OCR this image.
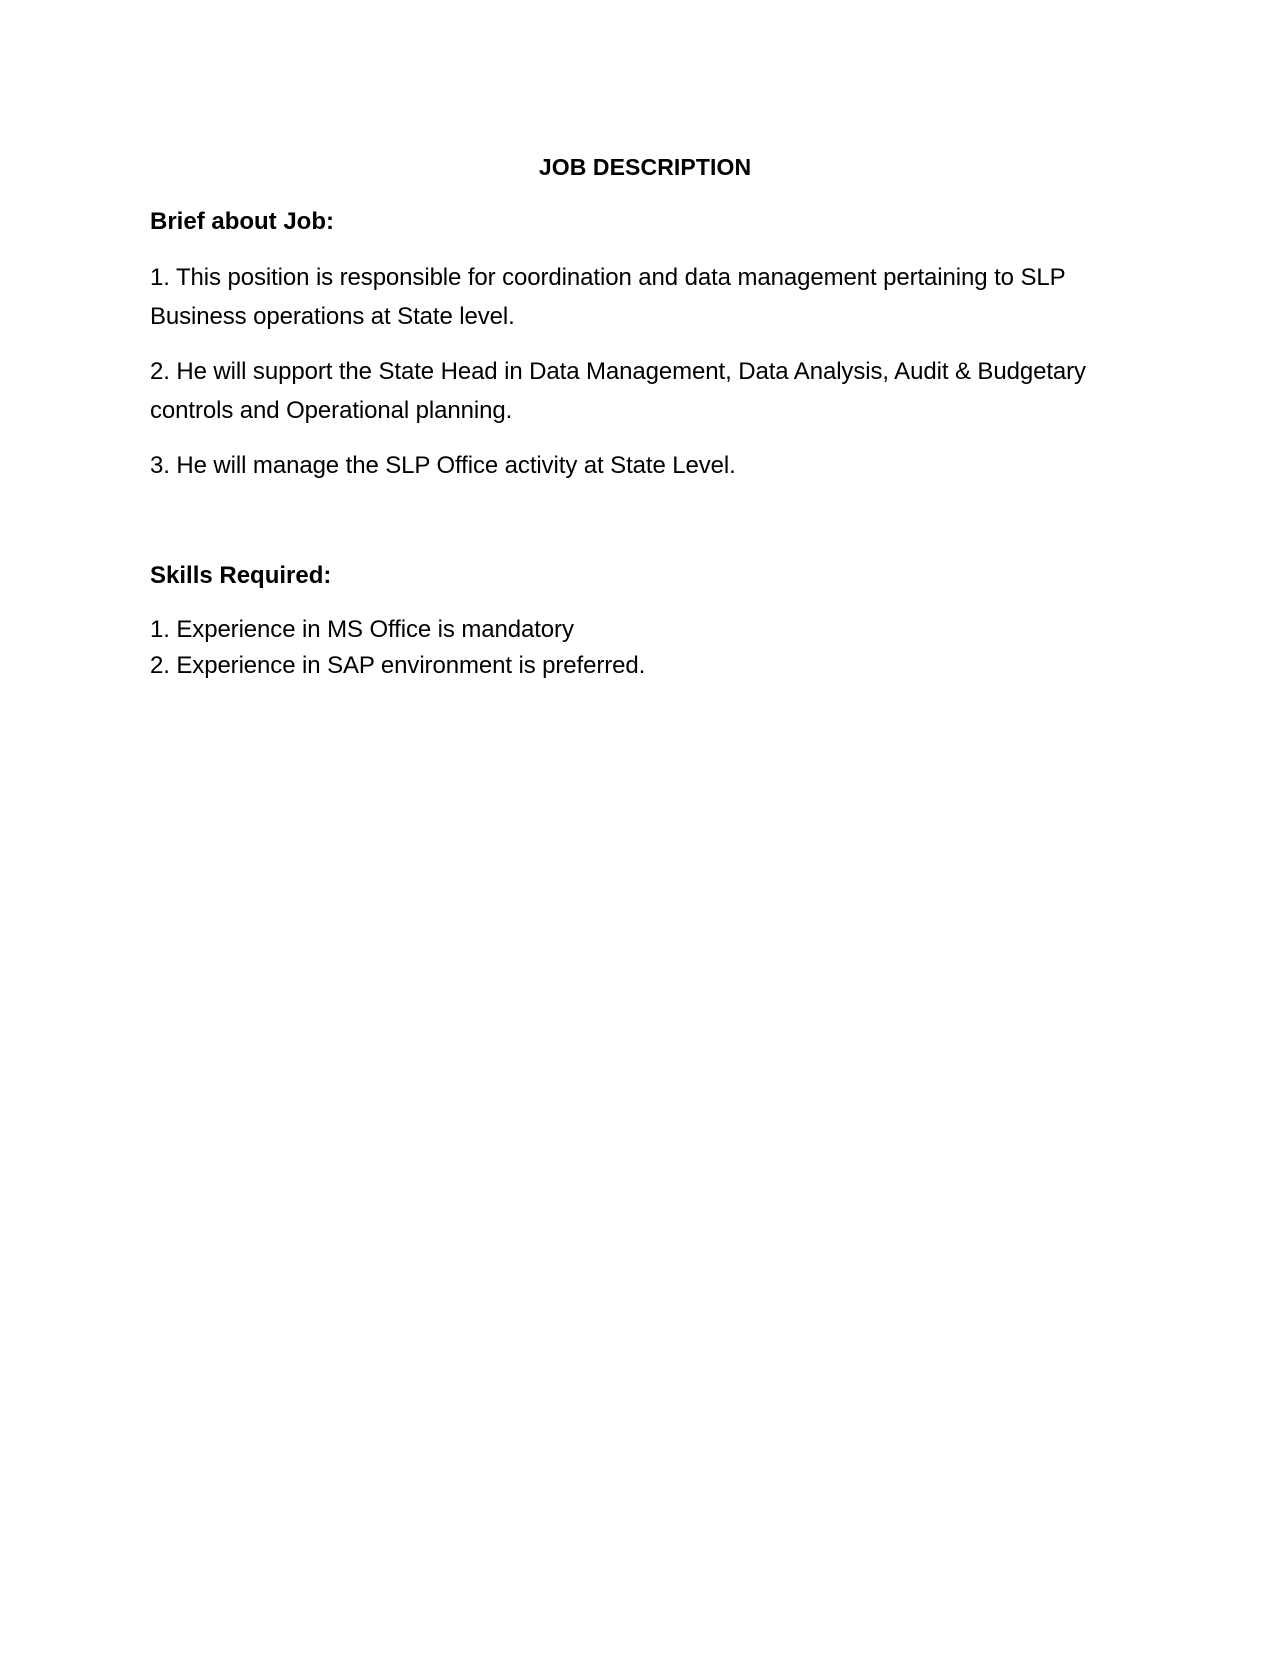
JOB DESCRIPTION
Brief about Job:
1. This position is responsible for coordination and data management pertaining to SLP Business operations at State level.
2. He will support the State Head in Data Management, Data Analysis, Audit & Budgetary controls and Operational planning.
3. He will manage the SLP Office activity at State Level.
Skills Required:
1. Experience in MS Office is mandatory
2. Experience in SAP environment is preferred.
